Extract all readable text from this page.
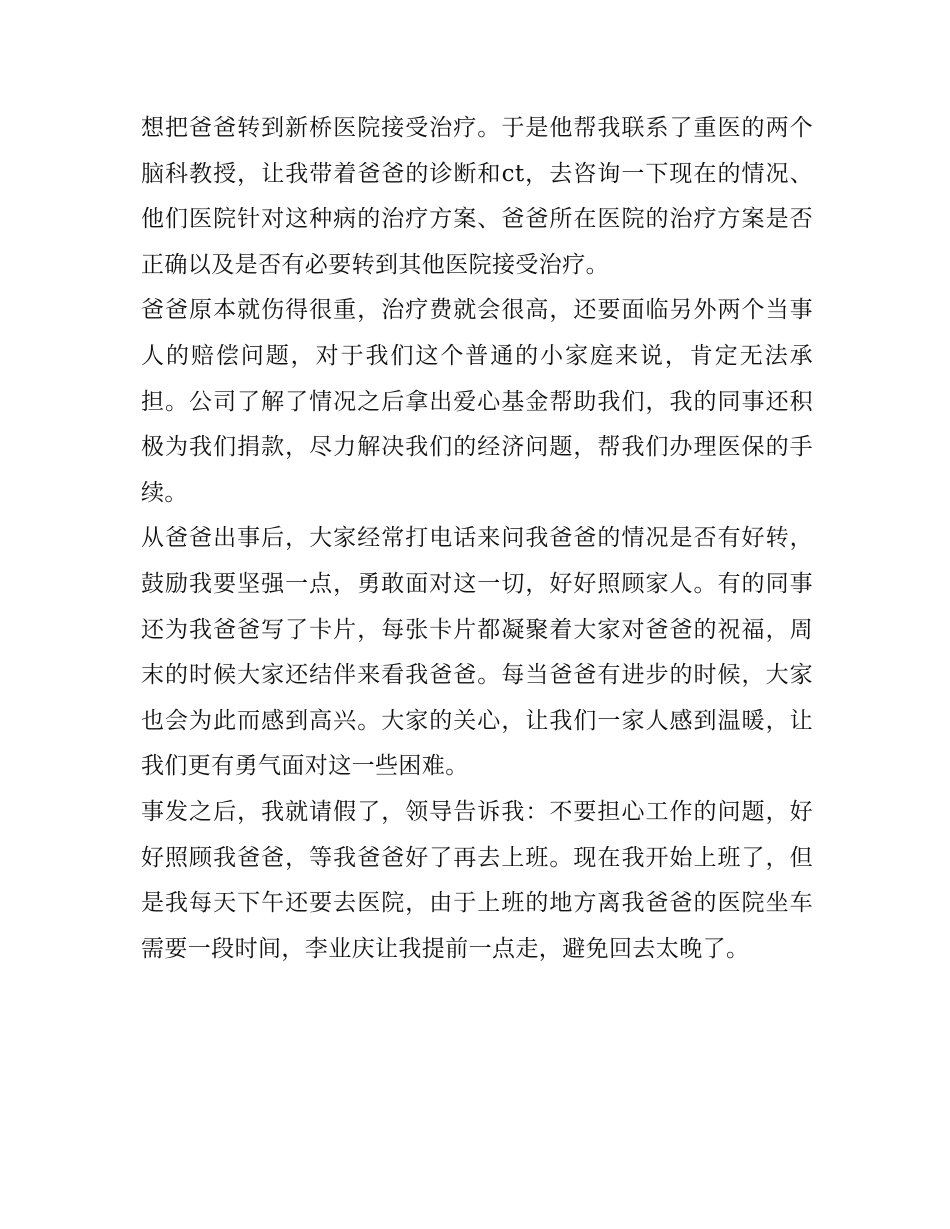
想把爸爸转到新桥医院接受治疗。于是他帮我联系了重医的两个脑科教授，让我带着爸爸的诊断和ct，去咨询一下现在的情况、他们医院针对这种病的治疗方案、爸爸所在医院的治疗方案是否正确以及是否有必要转到其他医院接受治疗。

爸爸原本就伤得很重，治疗费就会很高，还要面临另外两个当事人的赔偿问题，对于我们这个普通的小家庭来说，肯定无法承担。公司了解了情况之后拿出爱心基金帮助我们，我的同事还积极为我们捐款，尽力解决我们的经济问题，帮我们办理医保的手续。

从爸爸出事后，大家经常打电话来问我爸爸的情况是否有好转，鼓励我要坚强一点，勇敢面对这一切，好好照顾家人。有的同事还为我爸爸写了卡片，每张卡片都凝聚着大家对爸爸的祝福，周末的时候大家还结伴来看我爸爸。每当爸爸有进步的时候，大家也会为此而感到高兴。大家的关心，让我们一家人感到温暖，让我们更有勇气面对这一些困难。

事发之后，我就请假了，领导告诉我：不要担心工作的问题，好好照顾我爸爸，等我爸爸好了再去上班。现在我开始上班了，但是我每天下午还要去医院，由于上班的地方离我爸爸的医院坐车需要一段时间，李业庆让我提前一点走，避免回去太晚了。
